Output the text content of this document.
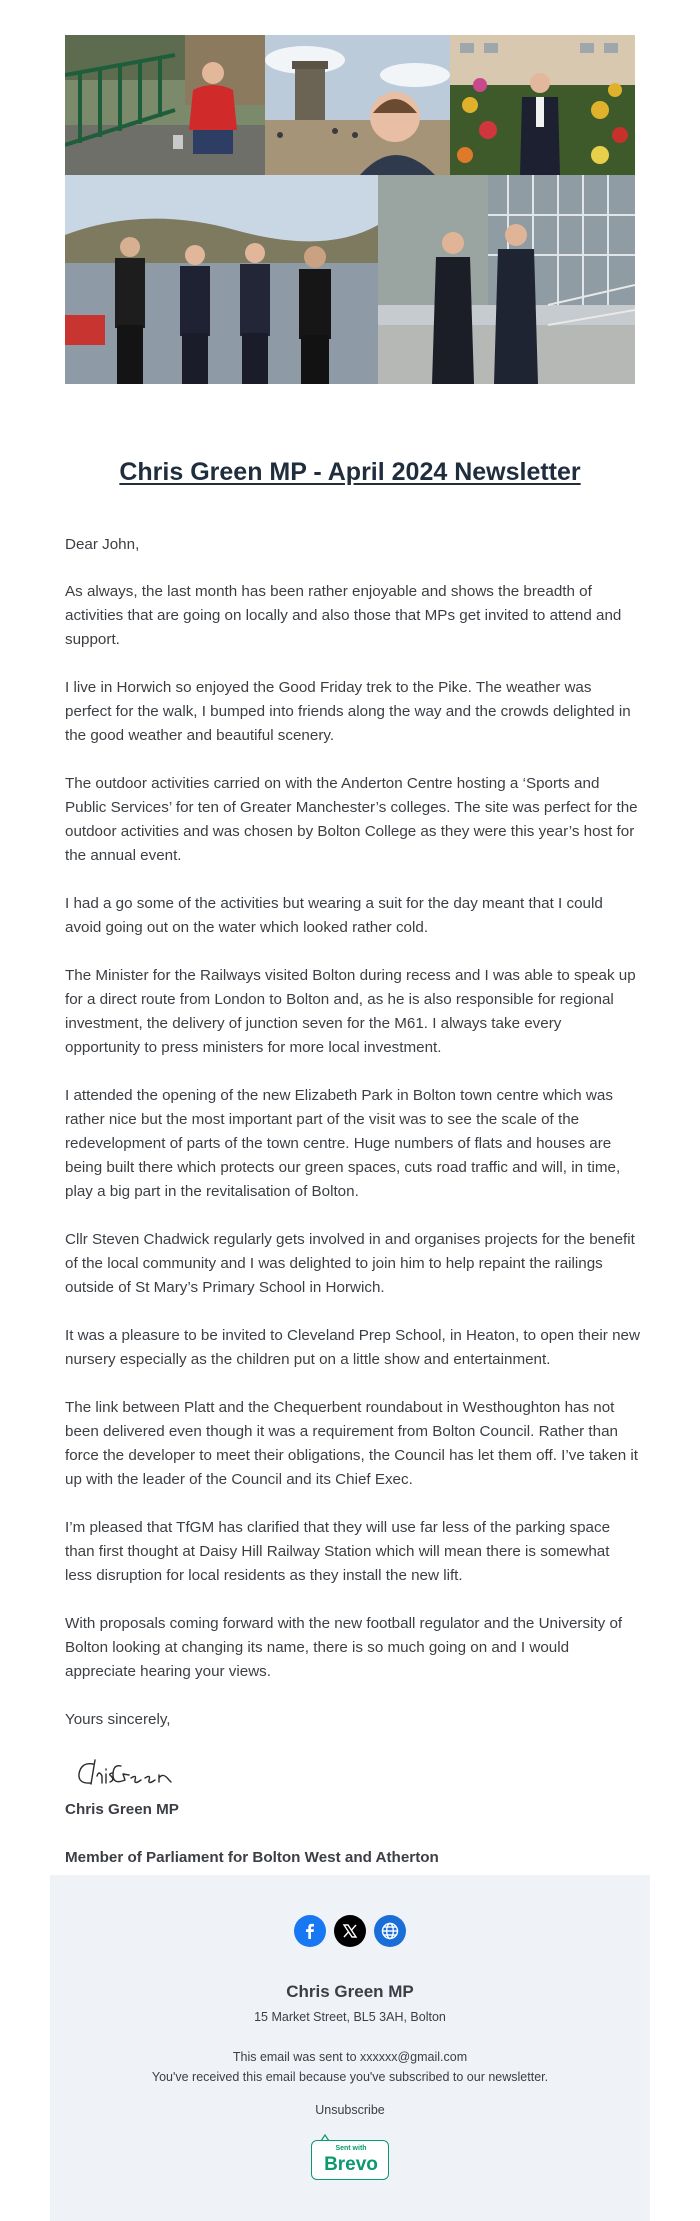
Chris Green MP - April 2024 Newsletter

Dear John,

As always, the last month has been rather enjoyable and shows the breadth of activities that are going on locally and also those that MPs get invited to attend and support.

I live in Horwich so enjoyed the Good Friday trek to the Pike. The weather was perfect for the walk, I bumped into friends along the way and the crowds delighted in the good weather and beautiful scenery.

The outdoor activities carried on with the Anderton Centre hosting a ‘Sports and Public Services’ for ten of Greater Manchester’s colleges. The site was perfect for the outdoor activities and was chosen by Bolton College as they were this year’s host for the annual event.

I had a go some of the activities but wearing a suit for the day meant that I could avoid going out on the water which looked rather cold.

The Minister for the Railways visited Bolton during recess and I was able to speak up for a direct route from London to Bolton and, as he is also responsible for regional investment, the delivery of junction seven for the M61. I always take every opportunity to press ministers for more local investment.

I attended the opening of the new Elizabeth Park in Bolton town centre which was rather nice but the most important part of the visit was to see the scale of the redevelopment of parts of the town centre. Huge numbers of flats and houses are being built there which protects our green spaces, cuts road traffic and will, in time, play a big part in the revitalisation of Bolton.

Cllr Steven Chadwick regularly gets involved in and organises projects for the benefit of the local community and I was delighted to join him to help repaint the railings outside of St Mary’s Primary School in Horwich.

It was a pleasure to be invited to Cleveland Prep School, in Heaton, to open their new nursery especially as the children put on a little show and entertainment.

The link between Platt and the Chequerbent roundabout in Westhoughton has not been delivered even though it was a requirement from Bolton Council. Rather than force the developer to meet their obligations, the Council has let them off. I’ve taken it up with the leader of the Council and its Chief Exec.

I’m pleased that TfGM has clarified that they will use far less of the parking space than first thought at Daisy Hill Railway Station which will mean there is somewhat less disruption for local residents as they install the new lift.

With proposals coming forward with the new football regulator and the University of Bolton looking at changing its name, there is so much going on and I would appreciate hearing your views.

Yours sincerely,

Chris Green MP

Member of Parliament for Bolton West and Atherton

Chris Green MP

15 Market Street, BL5 3AH, Bolton

This email was sent to xxxxxx@gmail.com
You've received this email because you've subscribed to our newsletter.

Unsubscribe

Sent with
Brevo
